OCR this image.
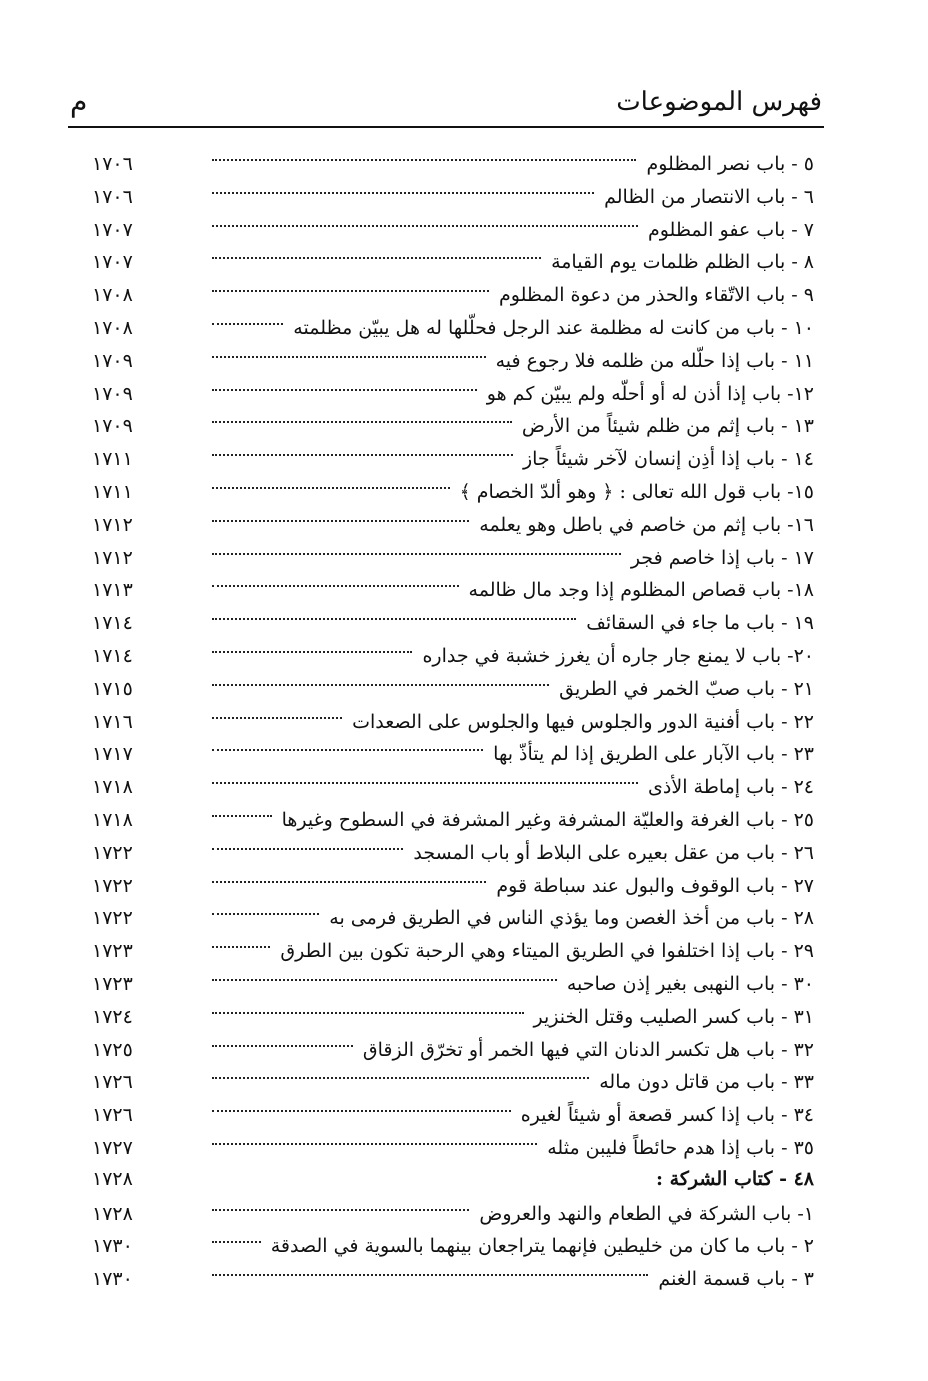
فهرس الموضوعات
م
٥ - باب نصر المظلوم
١٧٠٦
٦ - باب الانتصار من الظالم
١٧٠٦
٧ - باب عفو المظلوم
١٧٠٧
٨ - باب الظلم ظلمات يوم القيامة
١٧٠٧
٩ - باب الاتّقاء والحذر من دعوة المظلوم
١٧٠٨
١٠ - باب من كانت له مظلمة عند الرجل فحلّلها له هل يبيّن مظلمته
١٧٠٨
١١ - باب إذا حلّله من ظلمه فلا رجوع فيه
١٧٠٩
١٢- باب إذا أذن له أو أحلّه ولم يبيّن كم هو
١٧٠٩
١٣ - باب إثم من ظلم شيئاً من الأرض
١٧٠٩
١٤ - باب إذا أذِن إنسان لآخر شيئاً جاز
١٧١١
١٥- باب قول الله تعالى : ﴿ وهو ألدّ الخصام ﴾
١٧١١
١٦- باب إثم من خاصم في باطل وهو يعلمه
١٧١٢
١٧ - باب إذا خاصم فجر
١٧١٢
١٨- باب قصاص المظلوم إذا وجد مال ظالمه
١٧١٣
١٩ - باب ما جاء في السقائف
١٧١٤
٢٠- باب لا يمنع جار جاره أن يغرز خشبة في جداره
١٧١٤
٢١ - باب صبّ الخمر في الطريق
١٧١٥
٢٢ - باب أفنية الدور والجلوس فيها والجلوس على الصعدات
١٧١٦
٢٣ - باب الآبار على الطريق إذا لم يتأذّ بها
١٧١٧
٢٤ - باب إماطة الأذى
١٧١٨
٢٥ - باب الغرفة والعليّة المشرفة وغير المشرفة في السطوح وغيرها
١٧١٨
٢٦ - باب من عقل بعيره على البلاط أو باب المسجد
١٧٢٢
٢٧ - باب الوقوف والبول عند سباطة قوم
١٧٢٢
٢٨ - باب من أخذ الغصن وما يؤذي الناس في الطريق فرمى به
١٧٢٢
٢٩ - باب إذا اختلفوا في الطريق الميتاء وهي الرحبة تكون بين الطرق
١٧٢٣
٣٠ - باب النهبى بغير إذن صاحبه
١٧٢٣
٣١ - باب كسر الصليب وقتل الخنزير
١٧٢٤
٣٢ - باب هل تكسر الدنان التي فيها الخمر أو تخرّق الزقاق
١٧٢٥
٣٣ - باب من قاتل دون ماله
١٧٢٦
٣٤ - باب إذا كسر قصعة أو شيئاً لغيره
١٧٢٦
٣٥ - باب إذا هدم حائطاً فليبن مثله
١٧٢٧
٤٨ - كتاب الشركة :
١٧٢٨
١- باب الشركة في الطعام والنهد والعروض
١٧٢٨
٢ - باب ما كان من خليطين فإنهما يتراجعان بينهما بالسوية في الصدقة
١٧٣٠
٣ - باب قسمة الغنم
١٧٣٠
